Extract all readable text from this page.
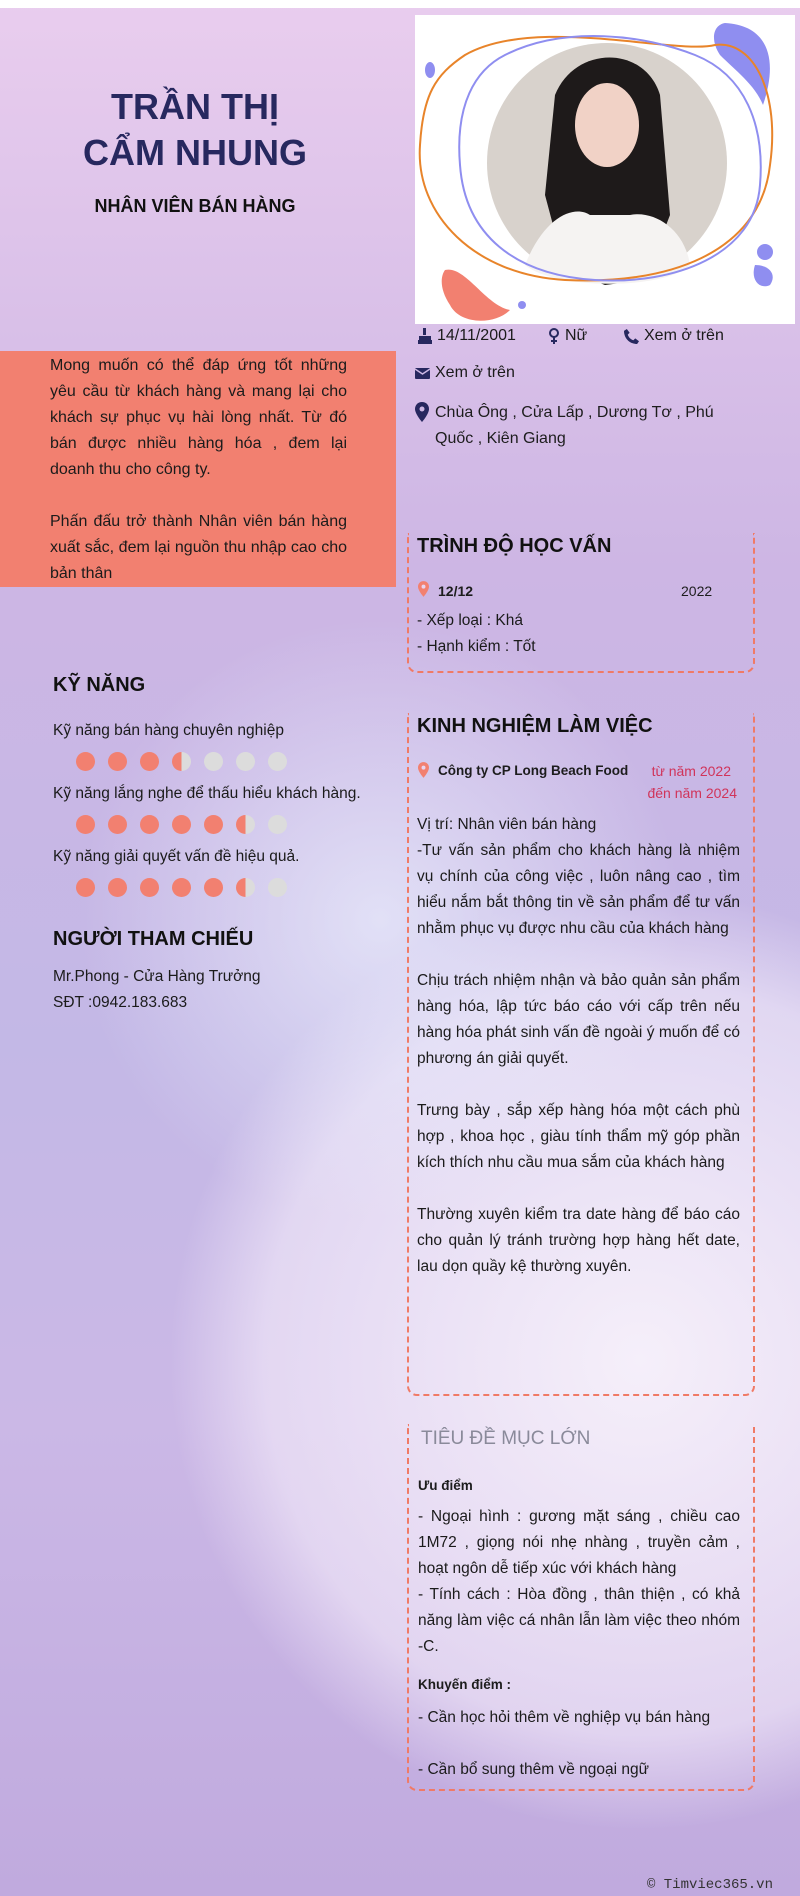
TRẦN THỊ
CẨM NHUNG
NHÂN VIÊN BÁN HÀNG
14/11/2001	Nữ	Xem ở trên
Xem ở trên
Chùa Ông , Cửa Lấp , Dương Tơ , Phú Quốc , Kiên Giang

Mong muốn có thể đáp ứng tốt những yêu cầu từ khách hàng và mang lại cho khách sự phục vụ hài lòng nhất. Từ đó bán được nhiều hàng hóa , đem lại doanh thu cho công ty.

Phấn đấu trở thành Nhân viên bán hàng xuất sắc, đem lại nguồn thu nhập cao cho bản thân

TRÌNH ĐỘ HỌC VẤN
12/12	2022
- Xếp loại : Khá
- Hạnh kiểm : Tốt
KỸ NĂNG
Kỹ năng bán hàng chuyên nghiệp
Kỹ năng lắng nghe để thấu hiểu khách hàng.
Kỹ năng giải quyết vấn đề hiệu quả.
NGƯỜI THAM CHIẾU
Mr.Phong - Cửa Hàng Trưởng
SĐT :0942.183.683
KINH NGHIỆM LÀM VIỆC
Công ty CP Long Beach Food từ năm 2022
đến năm 2024
Vị trí: Nhân viên bán hàng
-Tư vấn sản phẩm cho khách hàng là nhiệm vụ chính của công việc , luôn nâng cao , tìm hiểu nắm bắt thông tin về sản phẩm để tư vấn nhằm phục vụ được nhu cầu của khách hàng

Chịu trách nhiệm nhận và bảo quản sản phẩm hàng hóa, lập tức báo cáo với cấp trên nếu hàng hóa phát sinh vấn đề ngoài ý muốn để có phương án giải quyết.

Trưng bày , sắp xếp hàng hóa một cách phù hợp , khoa học , giàu tính thẩm mỹ góp phần kích thích nhu cầu mua sắm của khách hàng

Thường xuyên kiểm tra date hàng để báo cáo cho quản lý tránh trường hợp hàng hết date, lau dọn quầy kệ thường xuyên.
TIÊU ĐỀ MỤC LỚN
Ưu điểm
- Ngoại hình : gương mặt sáng , chiều cao 1M72 , giọng nói nhẹ nhàng , truyền cảm , hoạt ngôn dễ tiếp xúc với khách hàng
- Tính cách : Hòa đồng , thân thiện , có khả năng làm việc cá nhân lẫn làm việc theo nhóm -C.
Khuyến điểm :
- Cần học hỏi thêm về nghiệp vụ bán hàng
- Cần bổ sung thêm về ngoại ngữ
© Timviec365.vn
